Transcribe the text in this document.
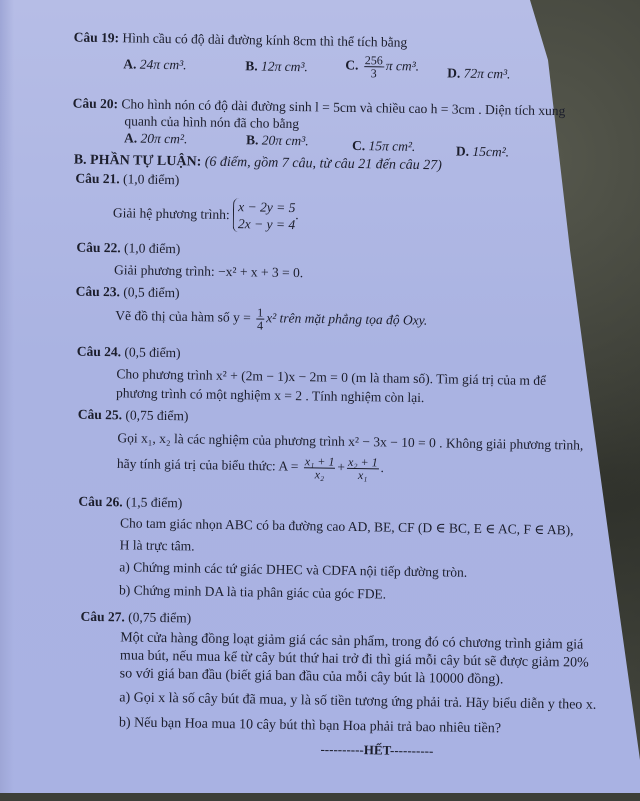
Câu 19: Hình cầu có độ dài đường kính 8cm thì thể tích bằng
A. 24π cm³.	B. 12π cm³.	C. $\frac{256}{3}$ π cm³. D. 72π cm³.
Câu 20: Cho hình nón có độ dài đường sinh l = 5cm và chiều cao h = 3cm . Diện tích xung
quanh của hình nón đã cho bằng
A. 20π cm².	B. 20π cm³.	C. 15π cm².	D. 15cm².
B. PHẦN TỰ LUẬN: (6 điểm, gồm 7 câu, từ câu 21 đến câu 27)
Câu 21. (1,0 điểm)
Giải hệ phương trình: x − 2y = 5
2x − y = 4
.
Câu 22. (1,0 điểm)
Giải phương trình: −x² + x + 3 = 0.
Câu 23. (0,5 điểm)
Vẽ đồ thị của hàm số $y = \frac{1}{4} x^2$ trên mặt phẳng tọa độ Oxy.
Câu 24. (0,5 điểm)
Cho phương trình x² + (2m − 1)x − 2m = 0 (m là tham số). Tìm giá trị của m để
phương trình có một nghiệm x = 2 . Tính nghiệm còn lại.
Câu 25. (0,75 điểm)
Gọi x₁, x₂ là các nghiệm của phương trình x² − 3x − 10 = 0 . Không giải phương trình,
hãy tính giá trị của biểu thức: $A = \frac{\text{x₁ + 1}}{\text{x₂}} + \frac{\text{x₂ + 1}}{\text{x₁}}$ .
Câu 26. (1,5 điểm)
Cho tam giác nhọn ABC có ba đường cao AD, BE, CF (D ∈ BC, E ∈ AC, F ∈ AB),
H là trực tâm.
a) Chứng minh các tứ giác DHEC và CDFA nội tiếp đường tròn.
b) Chứng minh DA là tia phân giác của góc FDE.
Câu 27. (0,75 điểm)
Một cửa hàng đồng loạt giảm giá các sản phẩm, trong đó có chương trình giảm giá
mua bút, nếu mua kể từ cây bút thứ hai trở đi thì giá mỗi cây bút sẽ được giảm 20%
so với giá ban đầu (biết giá ban đầu của mỗi cây bút là 10000 đồng).
a) Gọi x là số cây bút đã mua, y là số tiền tương ứng phải trả. Hãy biểu diễn y theo x.
b) Nếu bạn Hoa mua 10 cây bút thì bạn Hoa phải trả bao nhiêu tiền?
----------HẾT----------
